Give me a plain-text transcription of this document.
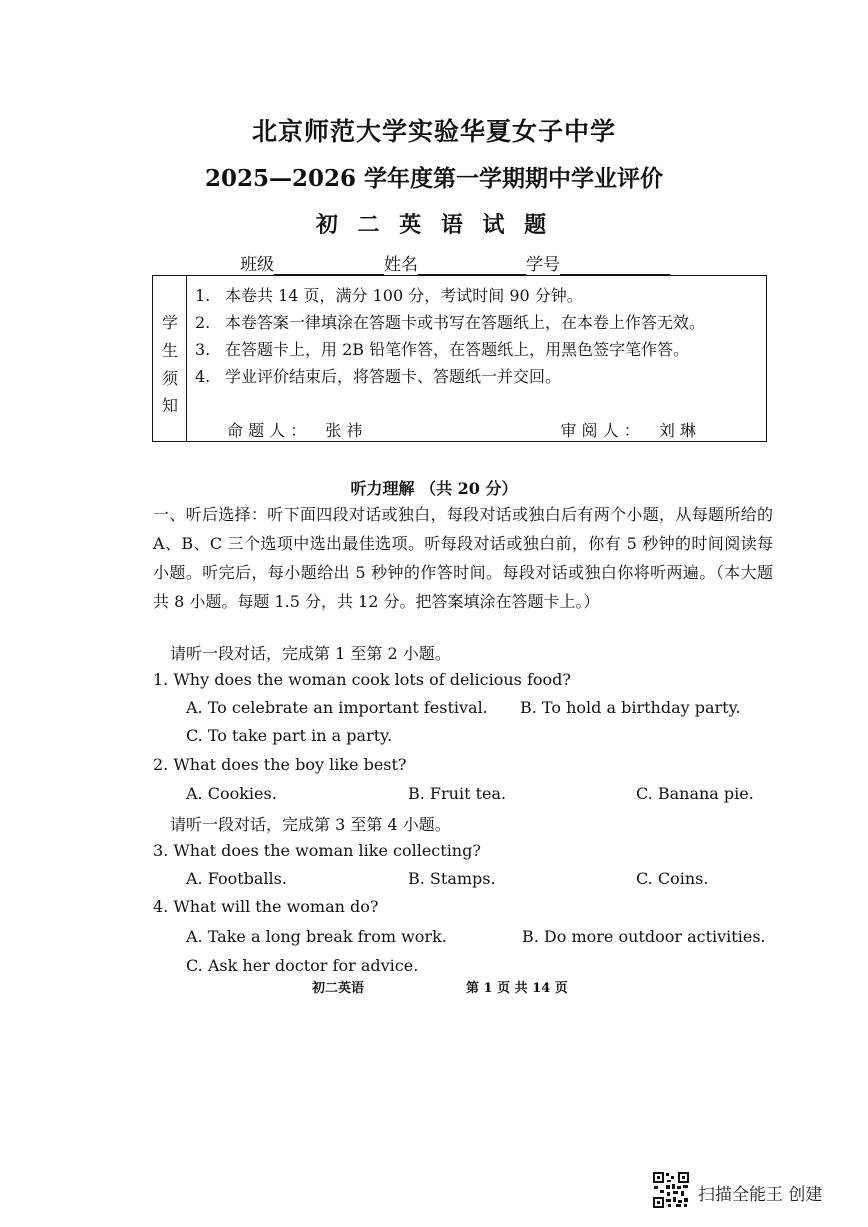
北京师范大学实验华夏女子中学
2025—2026 学年度第一学期期中学业评价
初 二 英 语 试 题
班级	姓名	学号
学
生
须
知
1. 本卷共 14 页，满分 100 分，考试时间 90 分钟。
2. 本卷答案一律填涂在答题卡或书写在答题纸上，在本卷上作答无效。
3. 在答题卡上，用 2B 铅笔作答，在答题纸上，用黑色签字笔作答。
4. 学业评价结束后，将答题卡、答题纸一并交回。
命 题 人 ： 张 祎	审 阅 人 ： 刘 琳
听力理解 （共 20 分）
一、听后选择：听下面四段对话或独白，每段对话或独白后有两个小题，从每题所给的 A、B、C 三个选项中选出最佳选项。听每段对话或独白前，你有 5 秒钟的时间阅读每小题。听完后，每小题给出 5 秒钟的作答时间。每段对话或独白你将听两遍。（本大题共 8 小题。每题 1.5 分，共 12 分。把答案填涂在答题卡上。）
请听一段对话，完成第 1 至第 2 小题。
1. Why does the woman cook lots of delicious food?
A. To celebrate an important festival. B. To hold a birthday party.
C. To take part in a party.
2. What does the boy like best?
A. Cookies.	B. Fruit tea.	C. Banana pie.
请听一段对话，完成第 3 至第 4 小题。
3. What does the woman like collecting?
A. Footballs.	B. Stamps.	C. Coins.
4. What will the woman do?
A. Take a long break from work.	B. Do more outdoor activities.
C. Ask her doctor for advice.
初二英语	第 1 页 共 14 页
扫描全能王 创建
